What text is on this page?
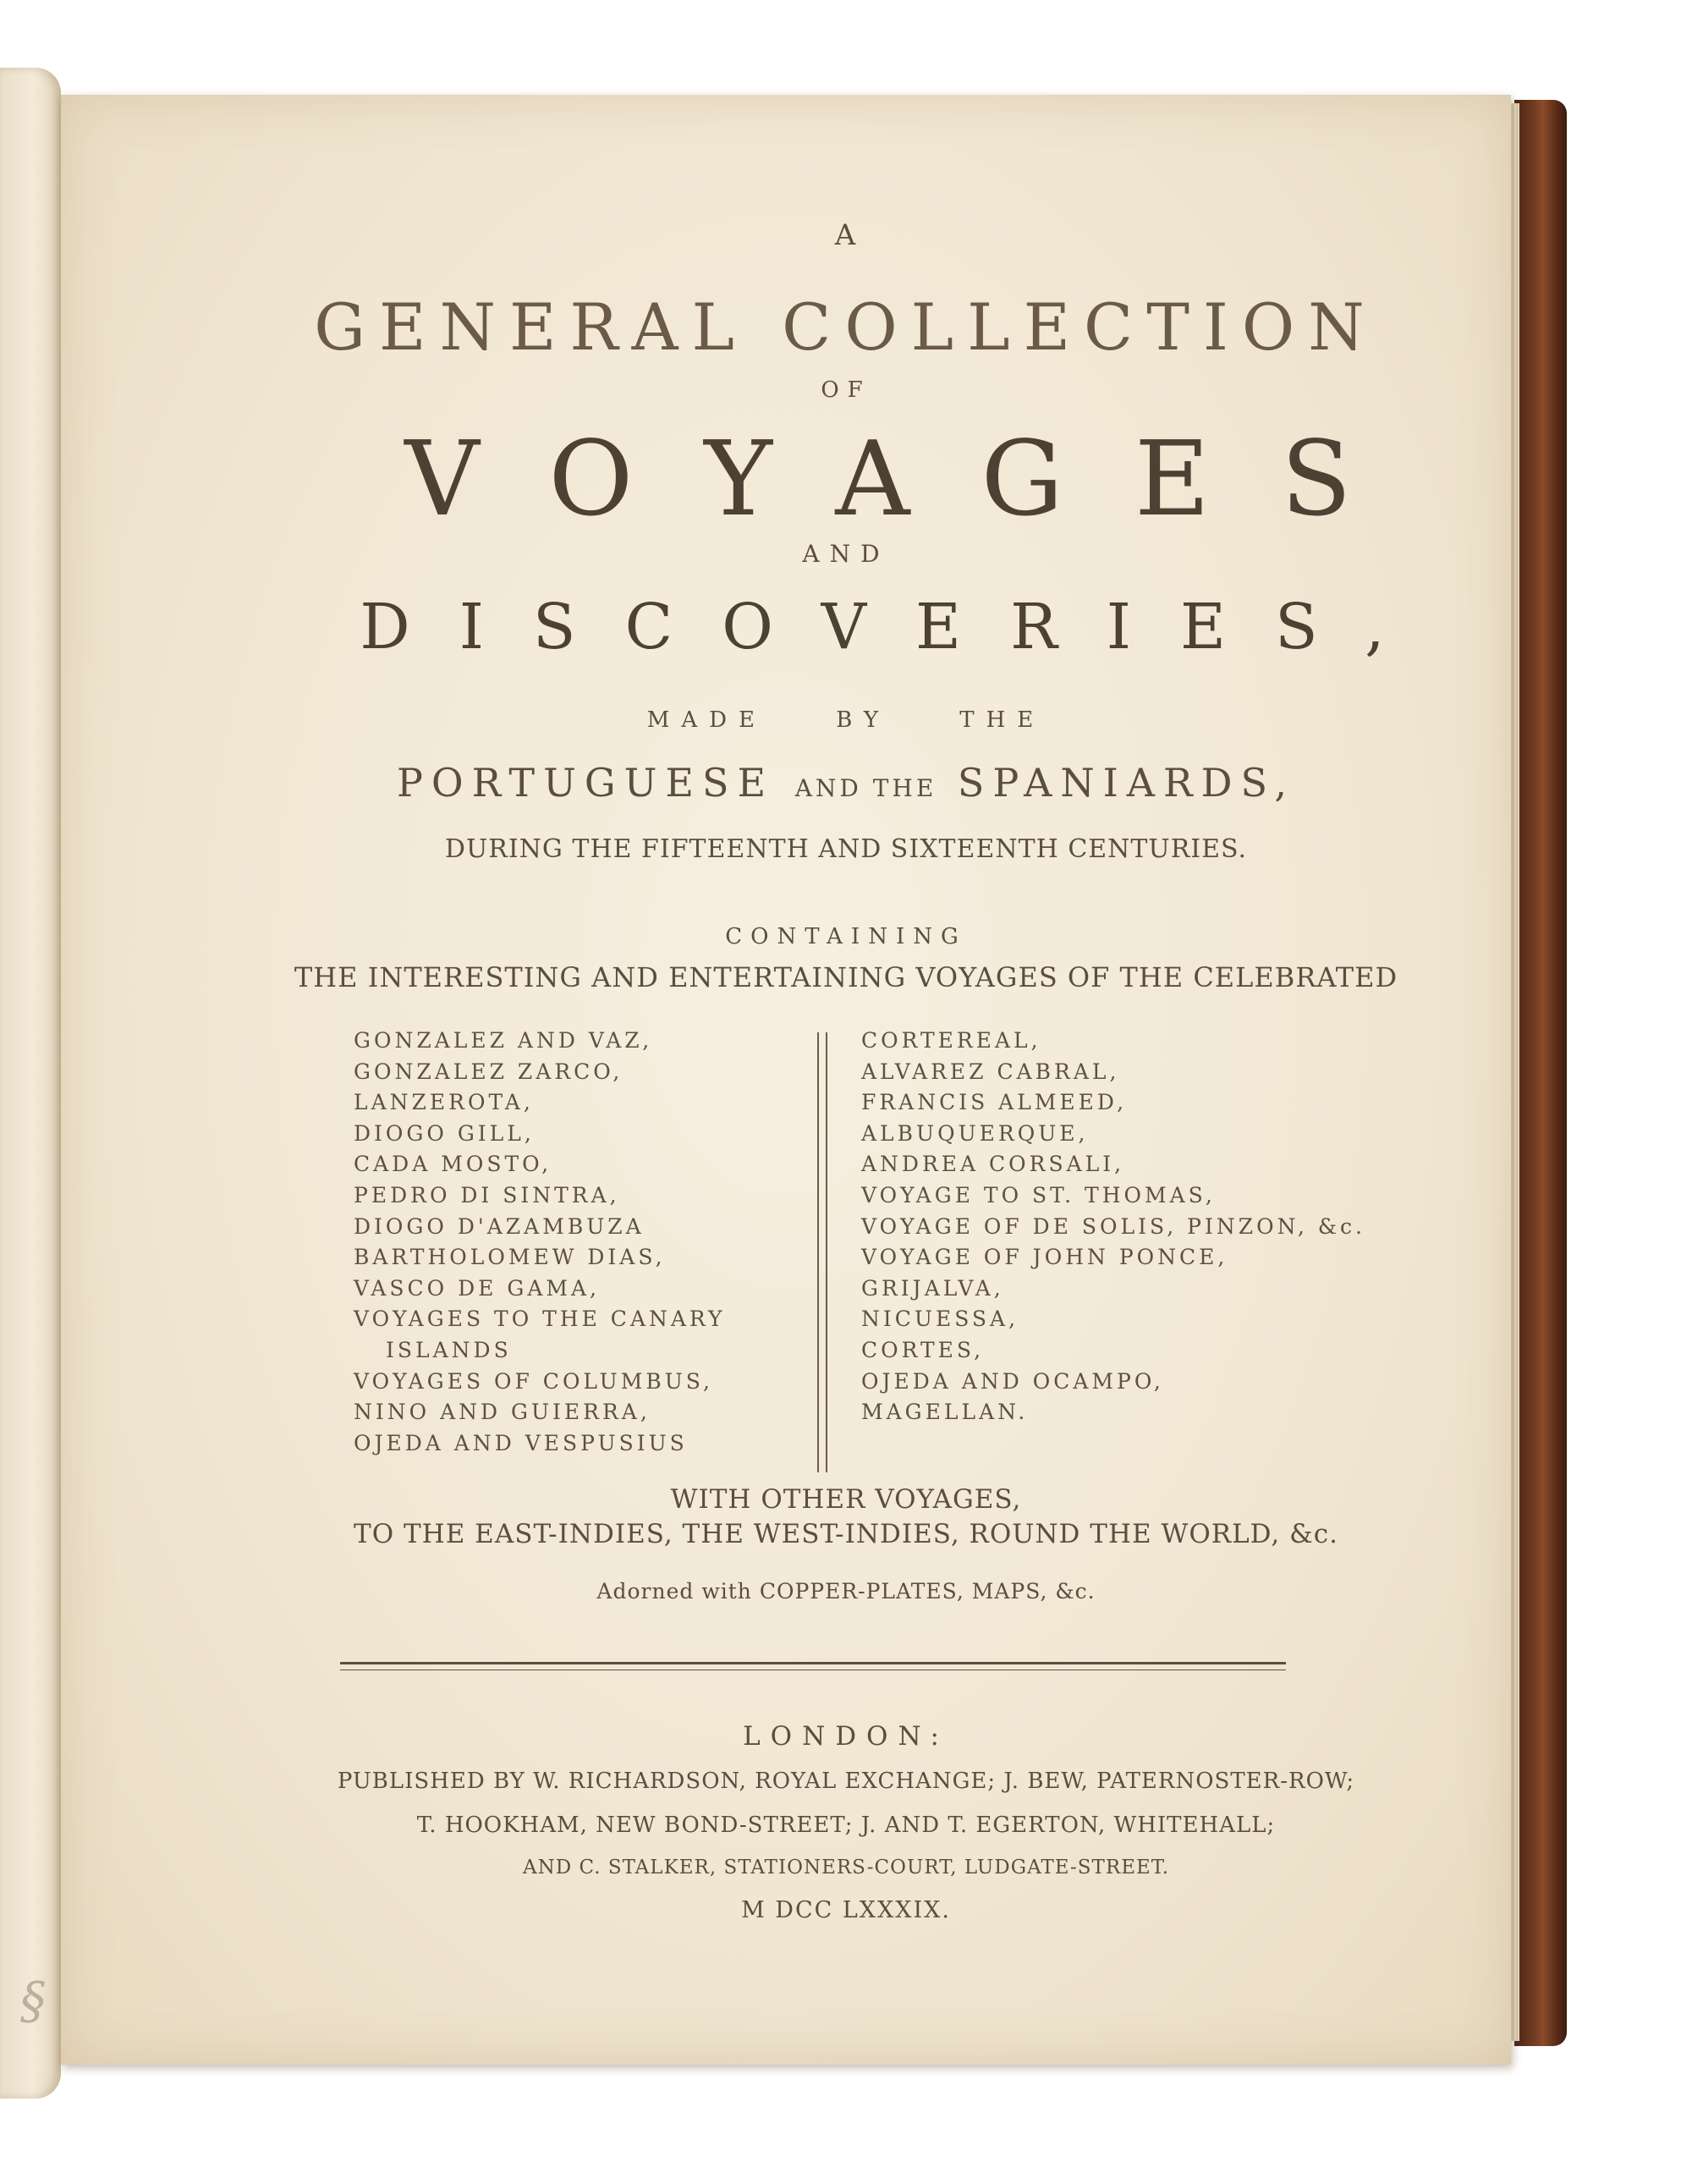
§
A
GENERAL COLLECTION
OF
VOYAGES
AND
DISCOVERIES,
MADE BY THE
PORTUGUESE AND THE SPANIARDS,
DURING THE FIFTEENTH AND SIXTEENTH CENTURIES.
CONTAINING
THE INTERESTING AND ENTERTAINING VOYAGES OF THE CELEBRATED
GONZALEZ AND VAZ,
GONZALEZ ZARCO,
LANZEROTA,
DIOGO GILL,
CADA MOSTO,
PEDRO DI SINTRA,
DIOGO D'AZAMBUZA
BARTHOLOMEW DIAS,
VASCO DE GAMA,
VOYAGES TO THE CANARY
ISLANDS
VOYAGES OF COLUMBUS,
NINO AND GUIERRA,
OJEDA AND VESPUSIUS
CORTEREAL,
ALVAREZ CABRAL,
FRANCIS ALMEED,
ALBUQUERQUE,
ANDREA CORSALI,
VOYAGE TO ST. THOMAS,
VOYAGE OF DE SOLIS, PINZON, &c.
VOYAGE OF JOHN PONCE,
GRIJALVA,
NICUESSA,
CORTES,
OJEDA AND OCAMPO,
MAGELLAN.
WITH OTHER VOYAGES,
TO THE EAST-INDIES, THE WEST-INDIES, ROUND THE WORLD, &c.
Adorned with COPPER-PLATES, MAPS, &c.
LONDON:
PUBLISHED BY W. RICHARDSON, ROYAL EXCHANGE; J. BEW, PATERNOSTER-ROW;
T. HOOKHAM, NEW BOND-STREET; J. AND T. EGERTON, WHITEHALL;
AND C. STALKER, STATIONERS-COURT, LUDGATE-STREET.
M DCC LXXXIX.
